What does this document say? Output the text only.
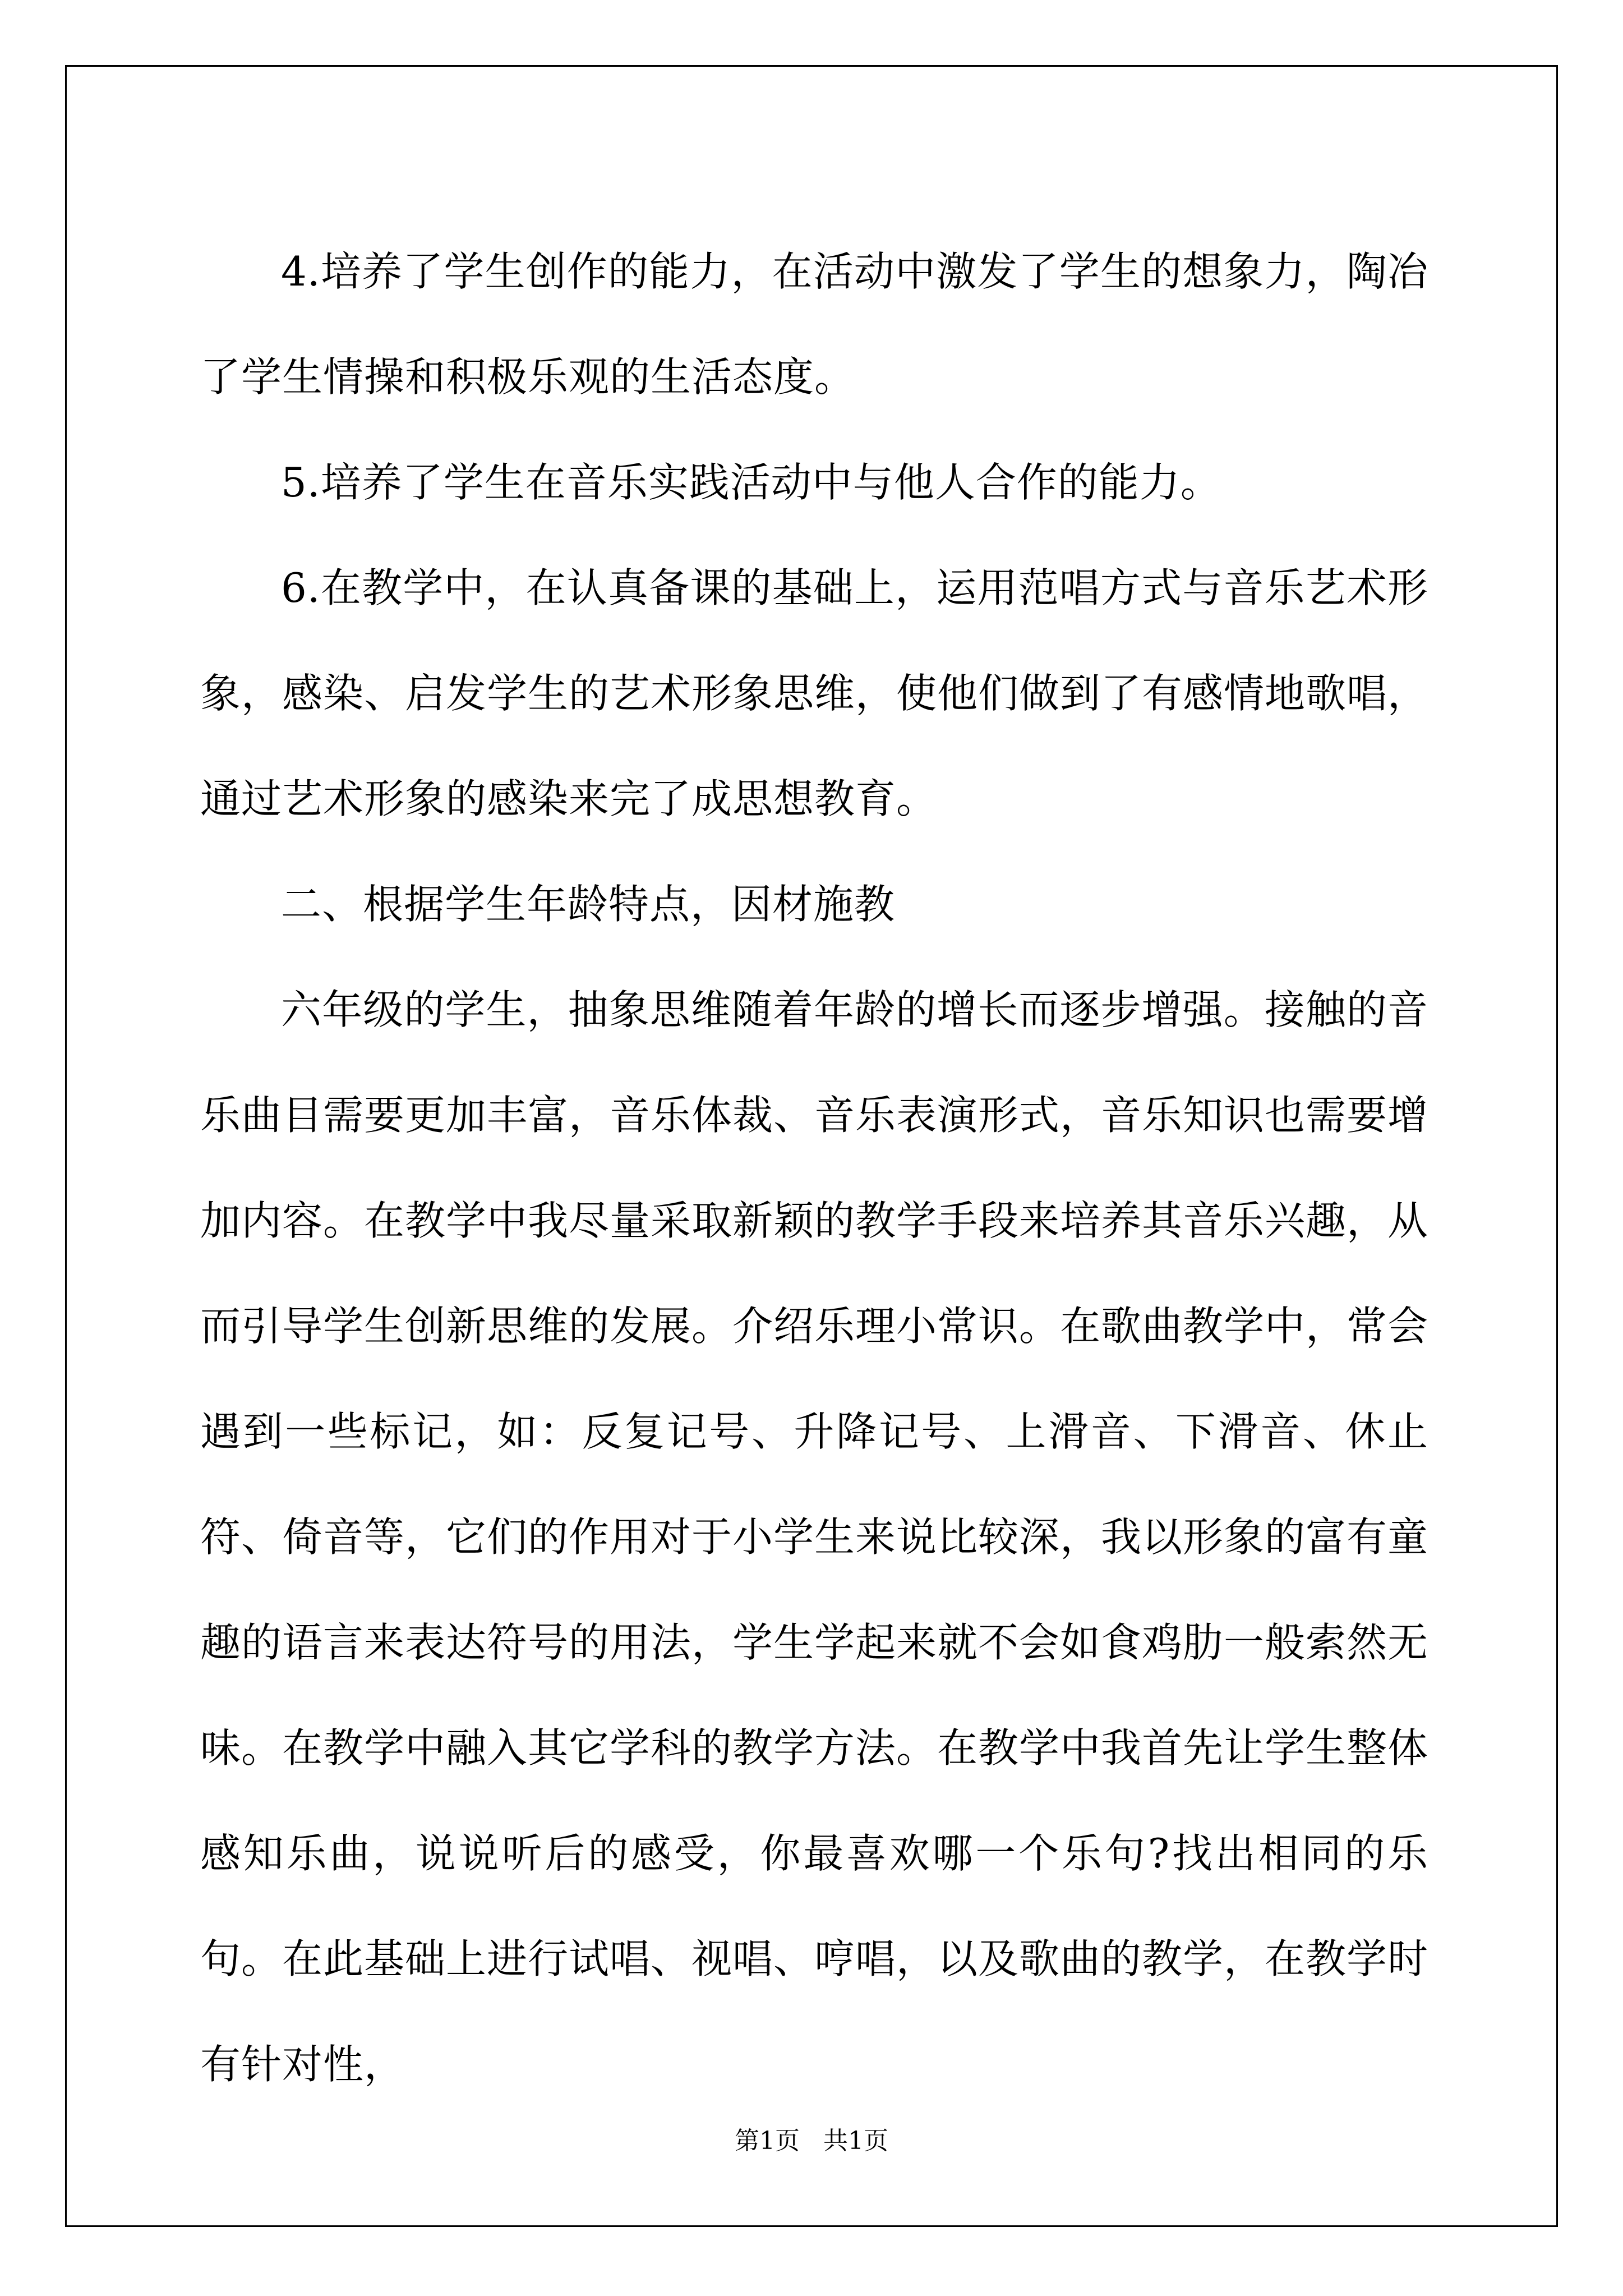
4.培养了学生创作的能力，在活动中激发了学生的想象力，陶冶了学生情操和积极乐观的生活态度。

5.培养了学生在音乐实践活动中与他人合作的能力。

6.在教学中，在认真备课的基础上，运用范唱方式与音乐艺术形象，感染、启发学生的艺术形象思维，使他们做到了有感情地歌唱，通过艺术形象的感染来完了成思想教育。

二、根据学生年龄特点，因材施教

六年级的学生，抽象思维随着年龄的增长而逐步增强。接触的音乐曲目需要更加丰富，音乐体裁、音乐表演形式，音乐知识也需要增加内容。在教学中我尽量采取新颖的教学手段来培养其音乐兴趣，从而引导学生创新思维的发展。介绍乐理小常识。在歌曲教学中，常会遇到一些标记，如：反复记号、升降记号、上滑音、下滑音、休止符、倚音等，它们的作用对于小学生来说比较深，我以形象的富有童趣的语言来表达符号的用法，学生学起来就不会如食鸡肋一般索然无味。在教学中融入其它学科的教学方法。在教学中我首先让学生整体感知乐曲，说说听后的感受，你最喜欢哪一个乐句?找出相同的乐句。在此基础上进行试唱、视唱、哼唱，以及歌曲的教学，在教学时有针对性，

第1页 共1页
